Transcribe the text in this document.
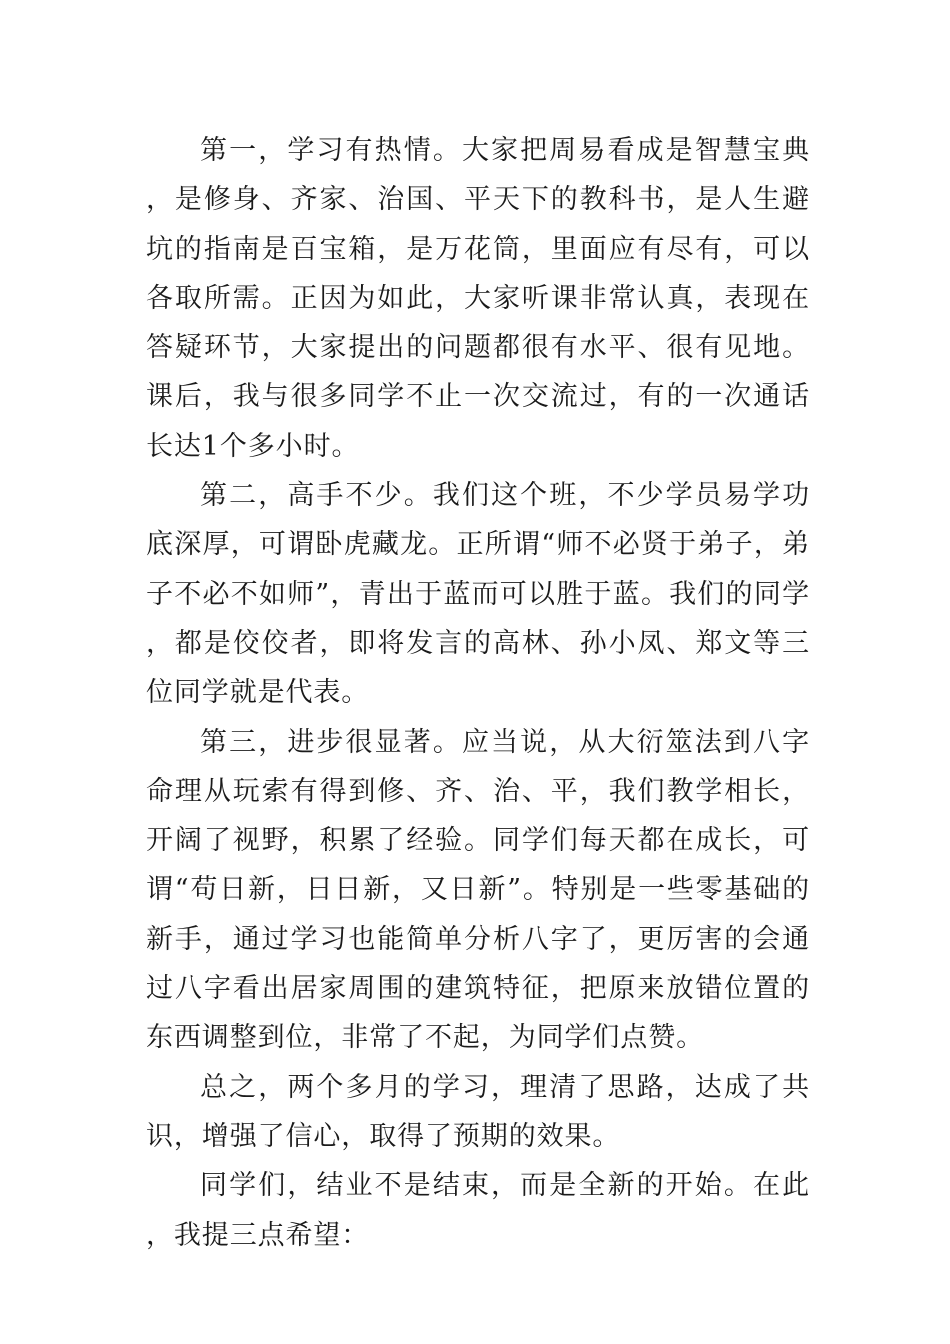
第一，学习有热情。大家把周易看成是智慧宝典，是修身、齐家、治国、平天下的教科书，是人生避坑的指南是百宝箱，是万花筒，里面应有尽有，可以各取所需。正因为如此，大家听课非常认真，表现在答疑环节，大家提出的问题都很有水平、很有见地。课后，我与很多同学不止一次交流过，有的一次通话长达1个多小时。

第二，高手不少。我们这个班，不少学员易学功底深厚，可谓卧虎藏龙。正所谓“师不必贤于弟子，弟子不必不如师”，青出于蓝而可以胜于蓝。我们的同学，都是佼佼者，即将发言的高林、孙小凤、郑文等三位同学就是代表。

第三，进步很显著。应当说，从大衍筮法到八字命理从玩索有得到修、齐、治、平，我们教学相长，开阔了视野，积累了经验。同学们每天都在成长，可谓“苟日新，日日新，又日新”。特别是一些零基础的新手，通过学习也能简单分析八字了，更厉害的会通过八字看出居家周围的建筑特征，把原来放错位置的东西调整到位，非常了不起，为同学们点赞。

总之，两个多月的学习，理清了思路，达成了共识，增强了信心，取得了预期的效果。

同学们，结业不是结束，而是全新的开始。在此，我提三点希望：
